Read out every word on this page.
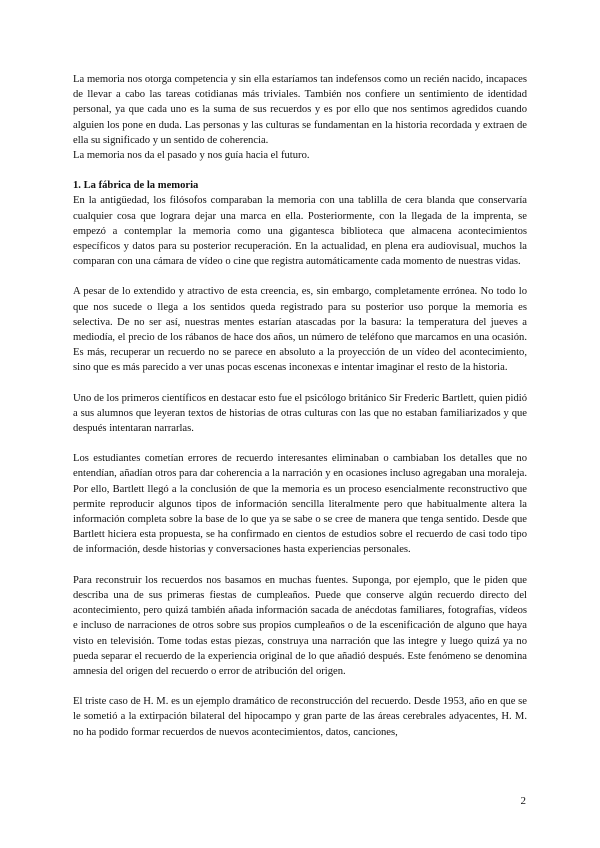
La memoria nos otorga competencia y sin ella estaríamos tan indefensos como un recién nacido, incapaces de llevar a cabo las tareas cotidianas más triviales. También nos confiere un sentimiento de identidad personal, ya que cada uno es la suma de sus recuerdos y es por ello que nos sentimos agredidos cuando alguien los pone en duda. Las personas y las culturas se fundamentan en la historia recordada y extraen de ella su significado y un sentido de coherencia.

La memoria nos da el pasado y nos guía hacia el futuro.

1. La fábrica de la memoria

En la antigüedad, los filósofos comparaban la memoria con una tablilla de cera blanda que conservaría cualquier cosa que lograra dejar una marca en ella. Posteriormente, con la llegada de la imprenta, se empezó a contemplar la memoria como una gigantesca biblioteca que almacena acontecimientos específicos y datos para su posterior recuperación. En la actualidad, en plena era audiovisual, muchos la comparan con una cámara de vídeo o cine que registra automáticamente cada momento de nuestras vidas.

A pesar de lo extendido y atractivo de esta creencia, es, sin embargo, completamente errónea. No todo lo que nos sucede o llega a los sentidos queda registrado para su posterior uso porque la memoria es selectiva. De no ser así, nuestras mentes estarían atascadas por la basura: la temperatura del jueves a mediodía, el precio de los rábanos de hace dos años, un número de teléfono que marcamos en una ocasión. Es más, recuperar un recuerdo no se parece en absoluto a la proyección de un vídeo del acontecimiento, sino que es más parecido a ver unas pocas escenas inconexas e intentar imaginar el resto de la historia.

Uno de los primeros científicos en destacar esto fue el psicólogo británico Sir Frederic Bartlett, quien pidió a sus alumnos que leyeran textos de historias de otras culturas con las que no estaban familiarizados y que después intentaran narrarlas.

Los estudiantes cometían errores de recuerdo interesantes eliminaban o cambiaban los detalles que no entendían, añadían otros para dar coherencia a la narración y en ocasiones incluso agregaban una moraleja. Por ello, Bartlett llegó a la conclusión de que la memoria es un proceso esencialmente reconstructivo que permite reproducir algunos tipos de información sencilla literalmente pero que habitualmente altera la información completa sobre la base de lo que ya se sabe o se cree de manera que tenga sentido. Desde que Bartlett hiciera esta propuesta, se ha confirmado en cientos de estudios sobre el recuerdo de casi todo tipo de información, desde historias y conversaciones hasta experiencias personales.

Para reconstruir los recuerdos nos basamos en muchas fuentes. Suponga, por ejemplo, que le piden que describa una de sus primeras fiestas de cumpleaños. Puede que conserve algún recuerdo directo del acontecimiento, pero quizá también añada información sacada de anécdotas familiares, fotografías, vídeos e incluso de narraciones de otros sobre sus propios cumpleaños o de la escenificación de alguno que haya visto en televisión. Tome todas estas piezas, construya una narración que las integre y luego quizá ya no pueda separar el recuerdo de la experiencia original de lo que añadió después. Este fenómeno se denomina amnesia del origen del recuerdo o error de atribución del origen.

El triste caso de H. M. es un ejemplo dramático de reconstrucción del recuerdo. Desde 1953, año en que se le sometió a la extirpación bilateral del hipocampo y gran parte de las áreas cerebrales adyacentes, H. M. no ha podido formar recuerdos de nuevos acontecimientos, datos, canciones,

2
